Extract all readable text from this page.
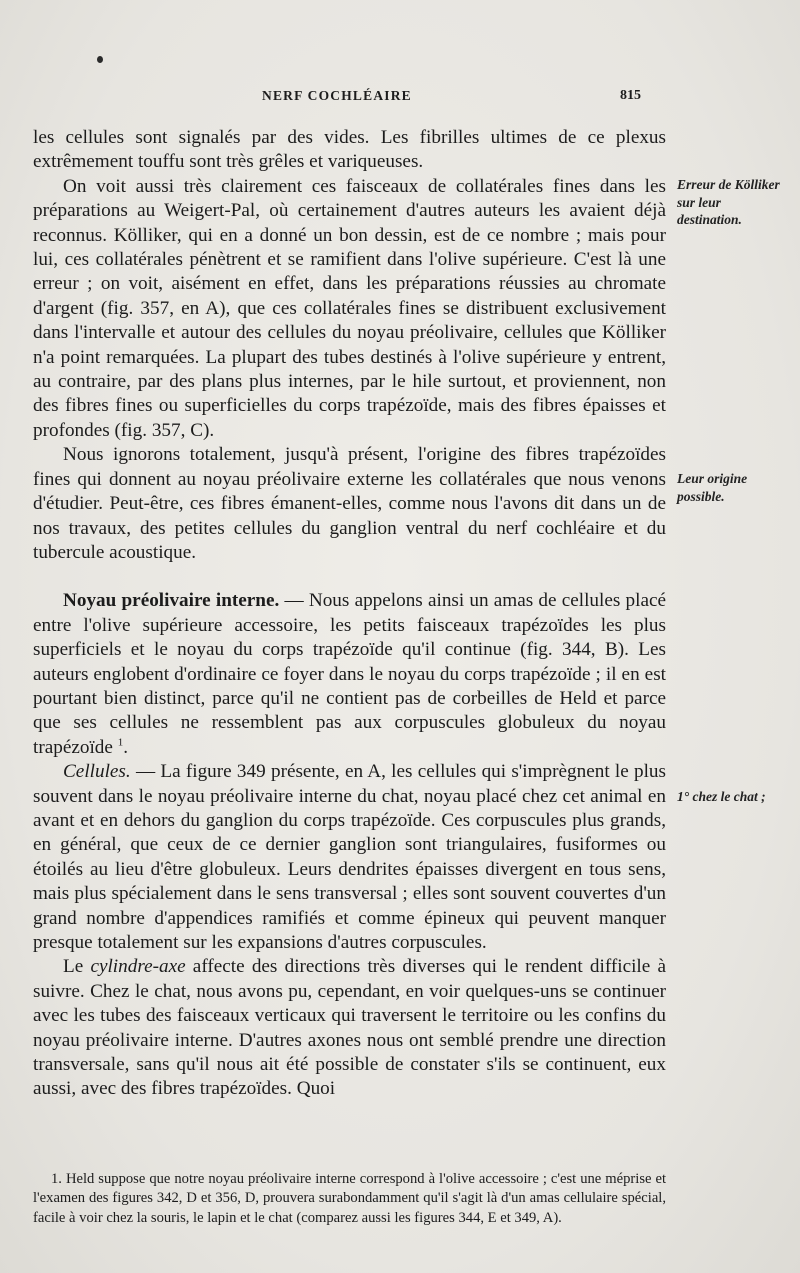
NERF COCHLÉAIRE	815

les cellules sont signalés par des vides. Les fibrilles ultimes de ce plexus extrêmement touffu sont très grêles et variqueuses.

On voit aussi très clairement ces faisceaux de collatérales fines dans les préparations au Weigert-Pal, où certainement d'autres auteurs les avaient déjà reconnus. Kölliker, qui en a donné un bon dessin, est de ce nombre ; mais pour lui, ces collatérales pénètrent et se ramifient dans l'olive supérieure. C'est là une erreur ; on voit, aisément en effet, dans les préparations réussies au chromate d'argent (fig. 357, en A), que ces collatérales fines se distribuent exclusivement dans l'intervalle et autour des cellules du noyau préolivaire, cellules que Kölliker n'a point remarquées. La plupart des tubes destinés à l'olive supérieure y entrent, au contraire, par des plans plus internes, par le hile surtout, et proviennent, non des fibres fines ou superficielles du corps trapézoïde, mais des fibres épaisses et profondes (fig. 357, C).

Nous ignorons totalement, jusqu'à présent, l'origine des fibres trapézoïdes fines qui donnent au noyau préolivaire externe les collatérales que nous venons d'étudier. Peut-être, ces fibres émanent-elles, comme nous l'avons dit dans un de nos travaux, des petites cellules du ganglion ventral du nerf cochléaire et du tubercule acoustique.

Noyau préolivaire interne. — Nous appelons ainsi un amas de cellules placé entre l'olive supérieure accessoire, les petits faisceaux trapézoïdes les plus superficiels et le noyau du corps trapézoïde qu'il continue (fig. 344, B). Les auteurs englobent d'ordinaire ce foyer dans le noyau du corps trapézoïde ; il en est pourtant bien distinct, parce qu'il ne contient pas de corbeilles de Held et parce que ses cellules ne ressemblent pas aux corpuscules globuleux du noyau trapézoïde $^1$.

Cellules. — La figure 349 présente, en A, les cellules qui s'imprègnent le plus souvent dans le noyau préolivaire interne du chat, noyau placé chez cet animal en avant et en dehors du ganglion du corps trapézoïde. Ces corpuscules plus grands, en général, que ceux de ce dernier ganglion sont triangulaires, fusiformes ou étoilés au lieu d'être globuleux. Leurs dendrites épaisses divergent en tous sens, mais plus spécialement dans le sens transversal ; elles sont souvent couvertes d'un grand nombre d'appendices ramifiés et comme épineux qui peuvent manquer presque totalement sur les expansions d'autres corpuscules.

Le cylindre-axe affecte des directions très diverses qui le rendent difficile à suivre. Chez le chat, nous avons pu, cependant, en voir quelques-uns se continuer avec les tubes des faisceaux verticaux qui traversent le territoire ou les confins du noyau préolivaire interne. D'autres axones nous ont semblé prendre une direction transversale, sans qu'il nous ait été possible de constater s'ils se continuent, eux aussi, avec des fibres trapézoïdes. Quoi

Erreur de Kölliker sur leur destination.
Leur origine possible.
1° chez le chat ;

1. Held suppose que notre noyau préolivaire interne correspond à l'olive accessoire ; c'est une méprise et l'examen des figures 342, D et 356, D, prouvera surabondamment qu'il s'agit là d'un amas cellulaire spécial, facile à voir chez la souris, le lapin et le chat (comparez aussi les figures 344, E et 349, A).
